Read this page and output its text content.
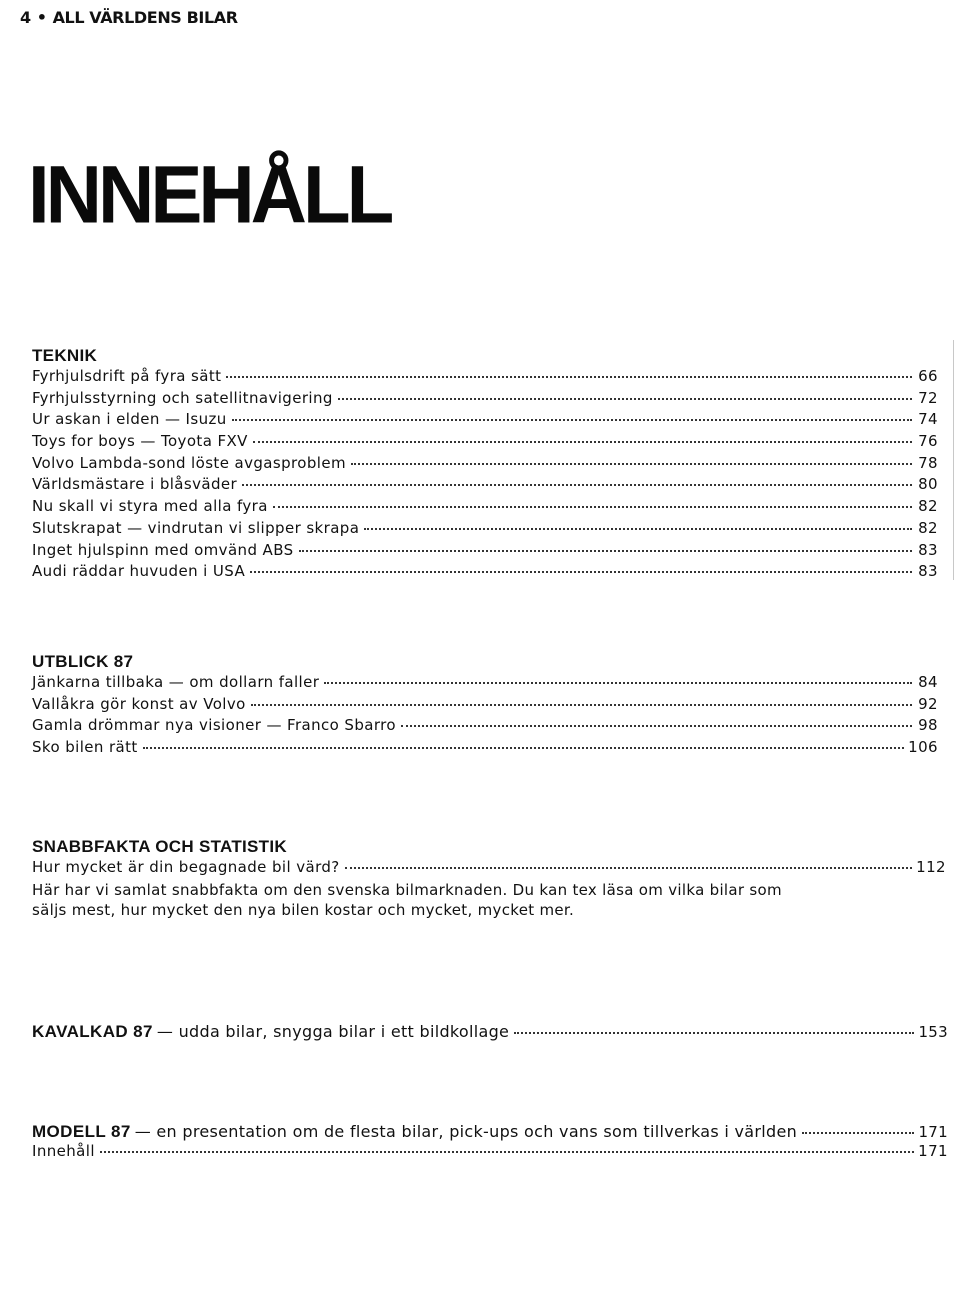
4 • ALL VÄRLDENS BILAR
INNEHÅLL
TEKNIK
Fyrhjulsdrift på fyra sätt	66
Fyrhjulsstyrning och satellitnavigering	72
Ur askan i elden — Isuzu	74
Toys for boys — Toyota FXV	76
Volvo Lambda-sond löste avgasproblem	78
Världsmästare i blåsväder	80
Nu skall vi styra med alla fyra	82
Slutskrapat — vindrutan vi slipper skrapa	82
Inget hjulspinn med omvänd ABS	83
Audi räddar huvuden i USA	83
UTBLICK 87
Jänkarna tillbaka — om dollarn faller	84
Vallåkra gör konst av Volvo	92
Gamla drömmar nya visioner — Franco Sbarro	98
Sko bilen rätt	106
SNABBFAKTA OCH STATISTIK
Hur mycket är din begagnade bil värd?	112
Här har vi samlat snabbfakta om den svenska bilmarknaden. Du kan tex läsa om vilka bilar som säljs mest, hur mycket den nya bilen kostar och mycket, mycket mer.
KAVALKAD 87 — udda bilar, snygga bilar i ett bildkollage	153
MODELL 87 — en presentation om de flesta bilar, pick-ups och vans som tillverkas i världen	171
Innehåll	171
